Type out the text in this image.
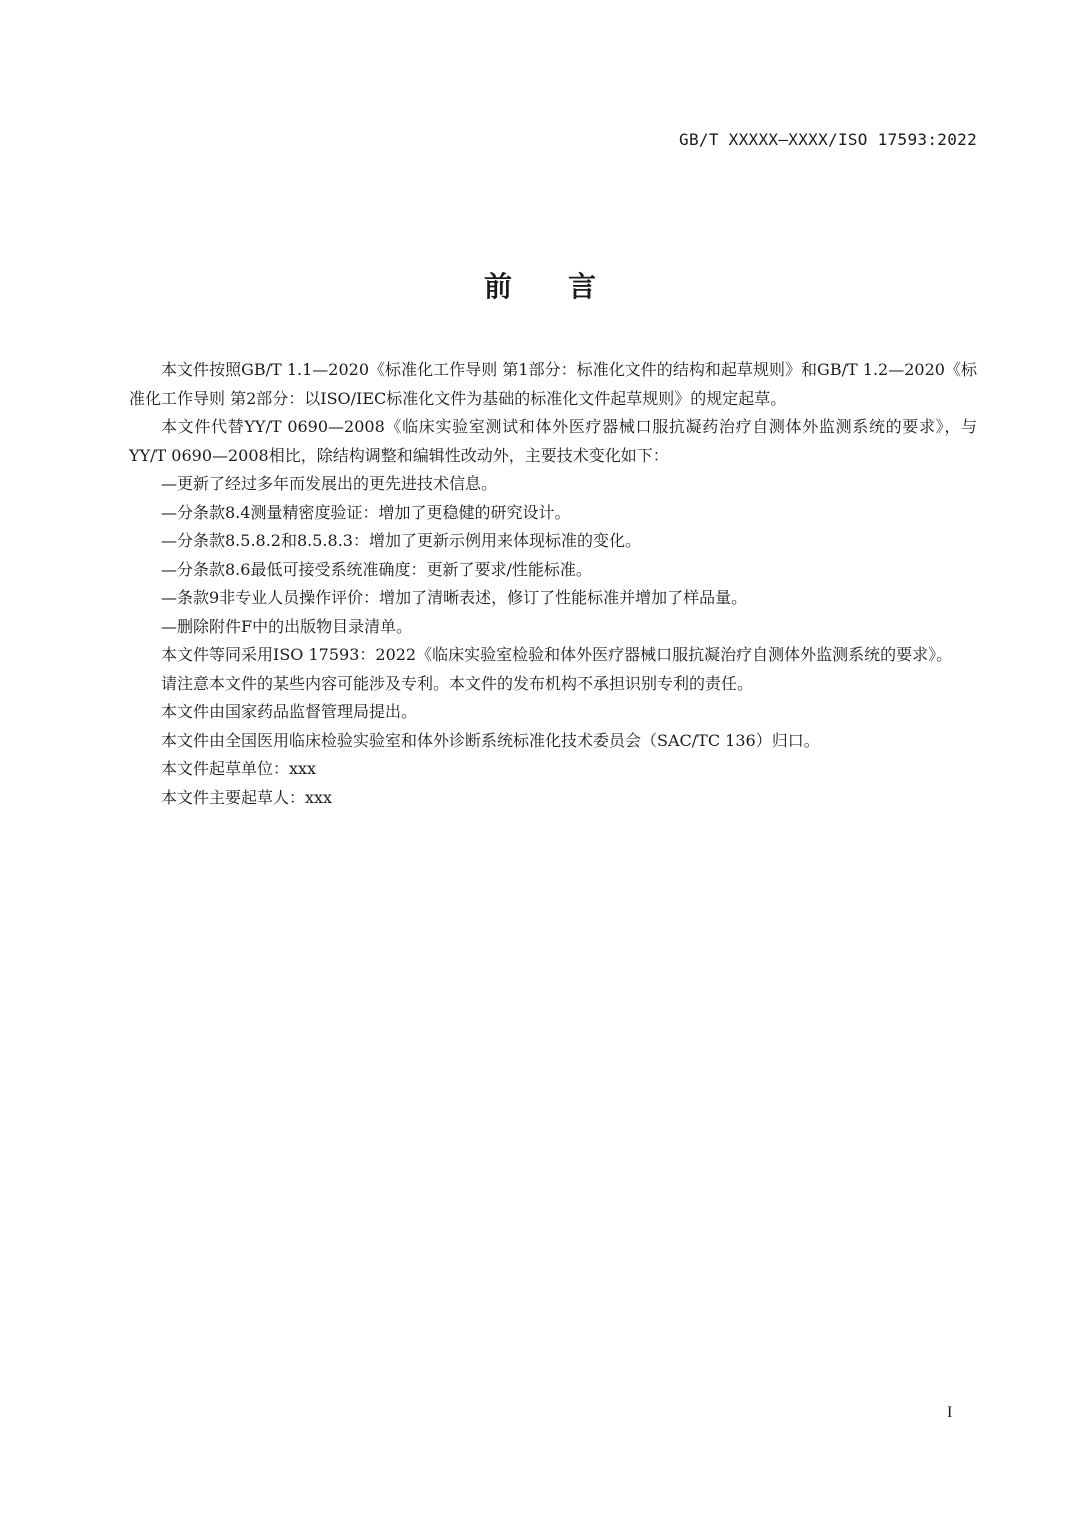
GB/T XXXXX—XXXX/ISO 17593:2022
前言

本文件按照GB/T 1.1—2020《标准化工作导则 第1部分：标准化文件的结构和起草规则》和GB/T 1.2—2020《标准化工作导则 第2部分：以ISO/IEC标准化文件为基础的标准化文件起草规则》的规定起草。

本文件代替YY/T 0690—2008《临床实验室测试和体外医疗器械口服抗凝药治疗自测体外监测系统的要求》，与YY/T 0690—2008相比，除结构调整和编辑性改动外，主要技术变化如下：

—更新了经过多年而发展出的更先进技术信息。

—分条款8.4测量精密度验证：增加了更稳健的研究设计。

—分条款8.5.8.2和8.5.8.3：增加了更新示例用来体现标准的变化。

—分条款8.6最低可接受系统准确度：更新了要求/性能标准。

—条款9非专业人员操作评价：增加了清晰表述，修订了性能标准并增加了样品量。

—删除附件F中的出版物目录清单。

本文件等同采用ISO 17593：2022《临床实验室检验和体外医疗器械口服抗凝治疗自测体外监测系统的要求》。

请注意本文件的某些内容可能涉及专利。本文件的发布机构不承担识别专利的责任。

本文件由国家药品监督管理局提出。

本文件由全国医用临床检验实验室和体外诊断系统标准化技术委员会（SAC/TC 136）归口。

本文件起草单位：xxx

本文件主要起草人：xxx

I
